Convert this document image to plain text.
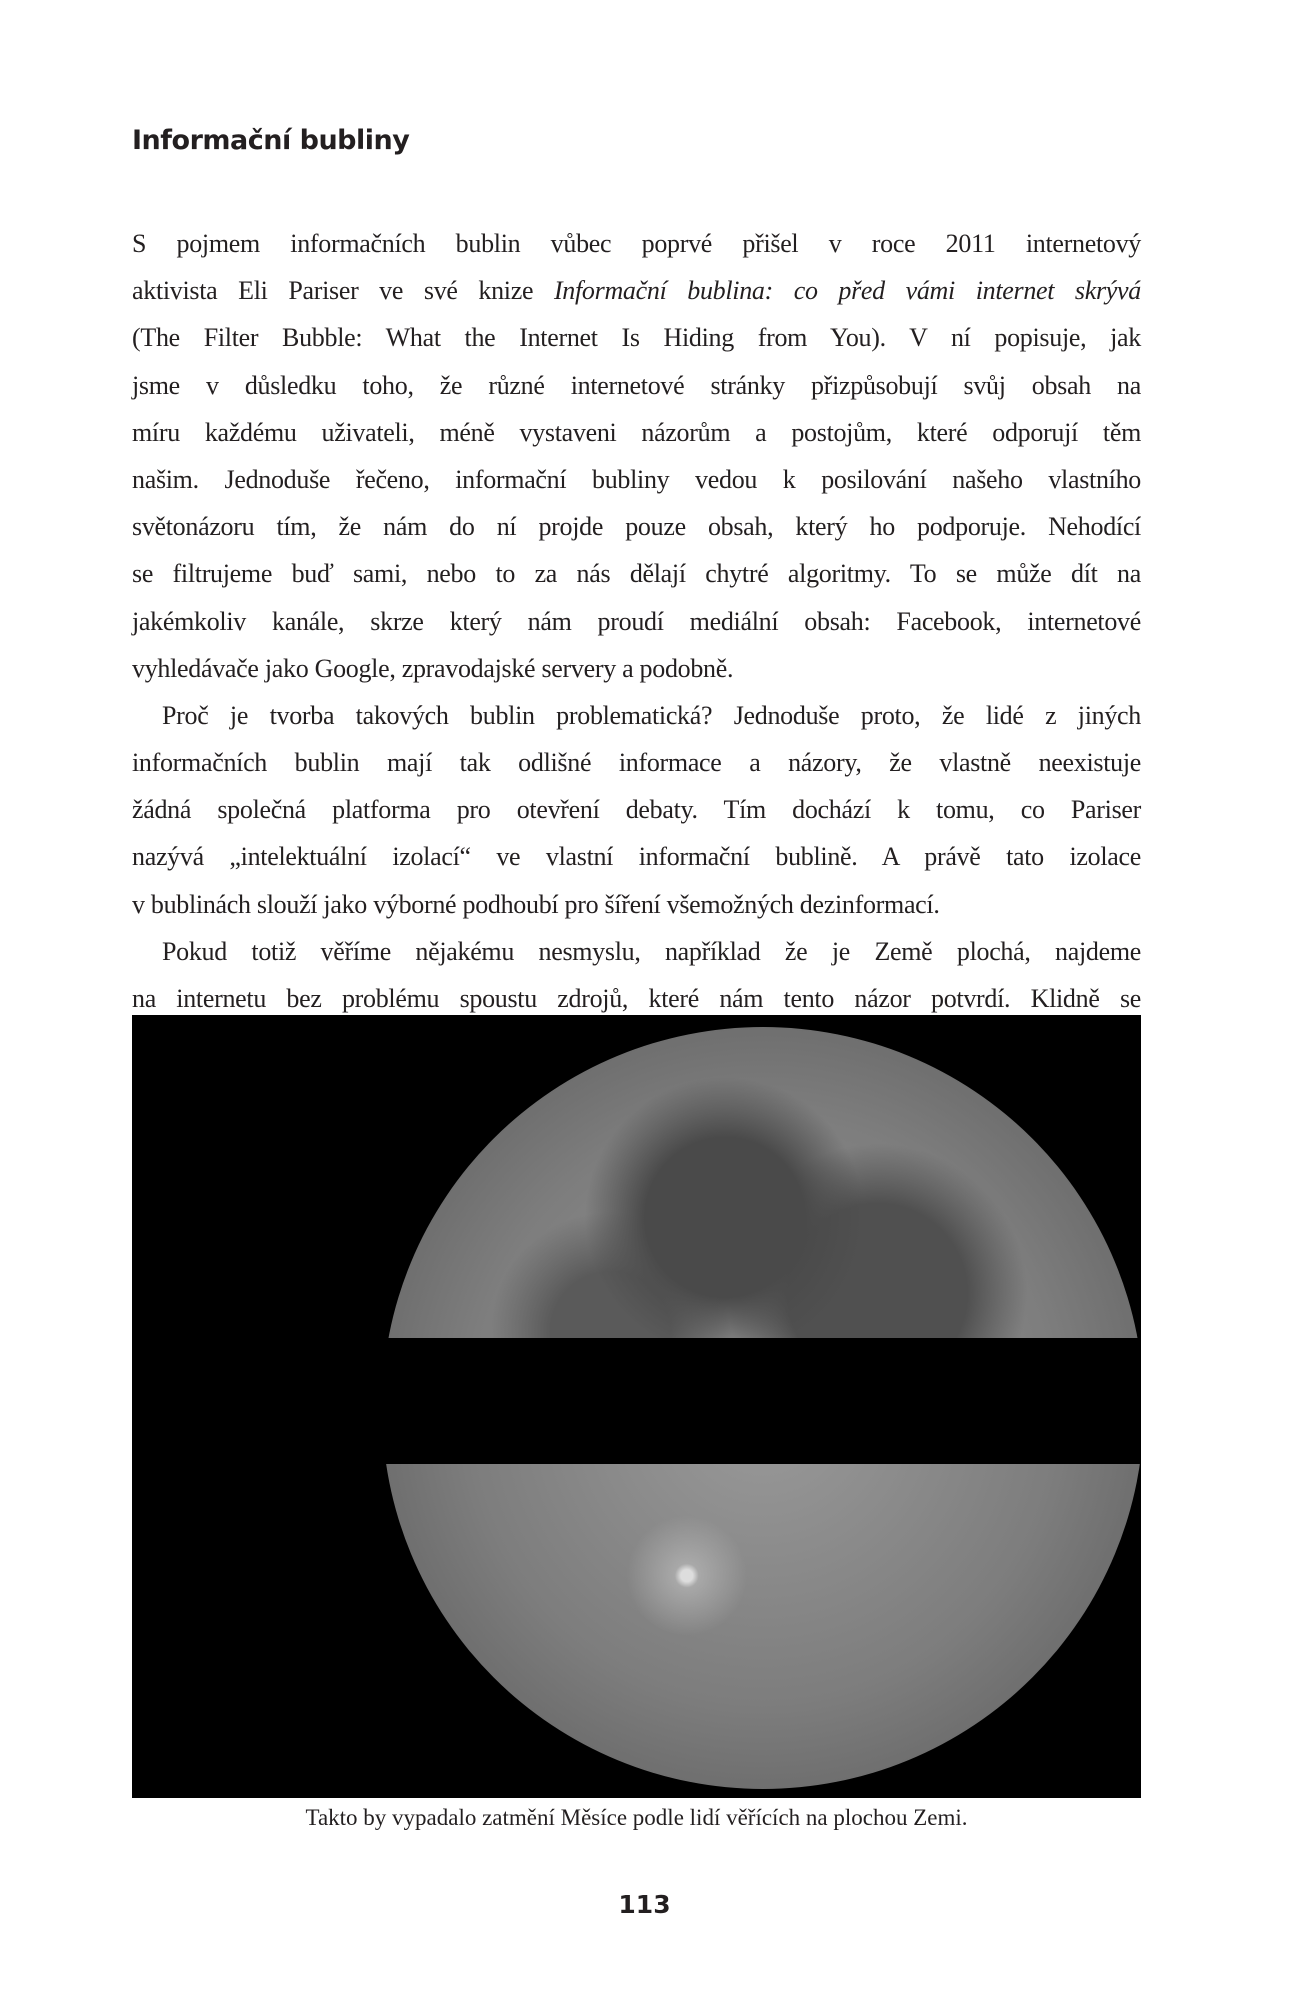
Informační bubliny
S pojmem informačních bublin vůbec poprvé přišel v roce 2011 internetový
aktivista Eli Pariser ve své knize Informační bublina: co před vámi internet skrývá
(The Filter Bubble: What the Internet Is Hiding from You). V ní popisuje, jak
jsme v důsledku toho, že různé internetové stránky přizpůsobují svůj obsah na
míru každému uživateli, méně vystaveni názorům a postojům, které odporují těm
našim. Jednoduše řečeno, informační bubliny vedou k posilování našeho vlastního
světonázoru tím, že nám do ní projde pouze obsah, který ho podporuje. Nehodící
se filtrujeme buď sami, nebo to za nás dělají chytré algoritmy. To se může dít na
jakémkoliv kanále, skrze který nám proudí mediální obsah: Facebook, internetové
vyhledávače jako Google, zpravodajské servery a podobně.
Proč je tvorba takových bublin problematická? Jednoduše proto, že lidé z jiných
informačních bublin mají tak odlišné informace a názory, že vlastně neexistuje
žádná společná platforma pro otevření debaty. Tím dochází k tomu, co Pariser
nazývá „intelektuální izolací“ ve vlastní informační bublině. A právě tato izolace
v bublinách slouží jako výborné podhoubí pro šíření všemožných dezinformací.
Pokud totiž věříme nějakému nesmyslu, například že je Země plochá, najdeme
na internetu bez problému spoustu zdrojů, které nám tento názor potvrdí. Klidně se
Takto by vypadalo zatmění Měsíce podle lidí věřících na plochou Zemi.
113
